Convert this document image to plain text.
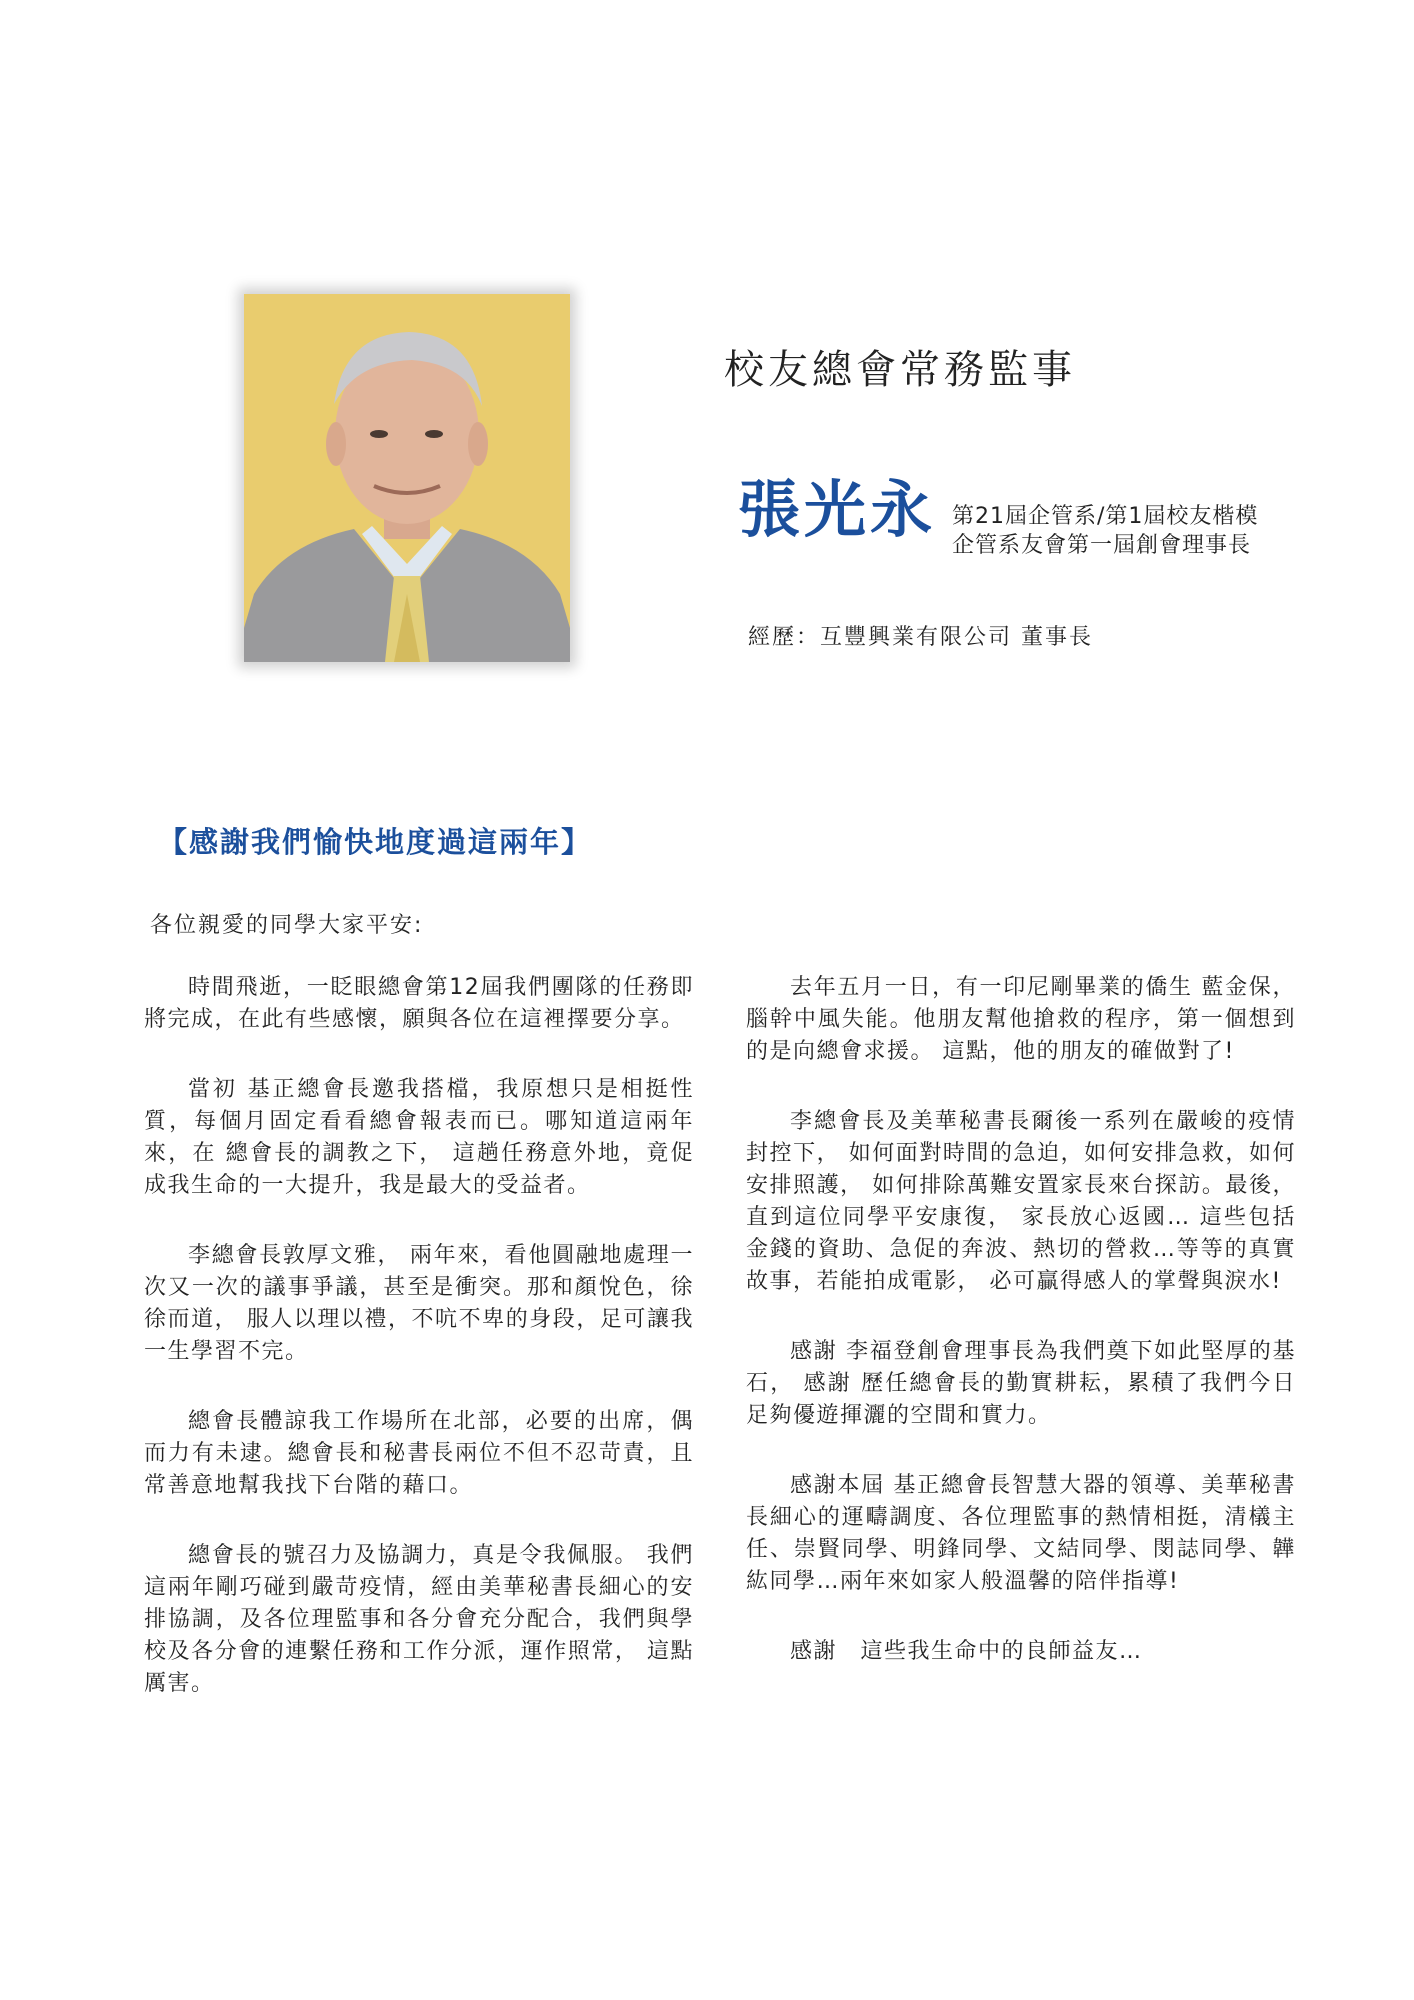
校友總會常務監事
張光永 第21屆企管系/第1屆校友楷模
企管系友會第一屆創會理事長
經歷：互豐興業有限公司 董事長
【感謝我們愉快地度過這兩年】
各位親愛的同學大家平安:

時間飛逝，一眨眼總會第12屆我們團隊的任務即將完成，在此有些感懷，願與各位在這裡擇要分享。

當初 基正總會長邀我搭檔，我原想只是相挺性質，每個月固定看看總會報表而已。哪知道這兩年來，在 總會長的調教之下， 這趟任務意外地，竟促成我生命的一大提升，我是最大的受益者。

李總會長敦厚文雅， 兩年來，看他圓融地處理一次又一次的議事爭議，甚至是衝突。那和顏悅色，徐徐而道， 服人以理以禮，不吭不卑的身段，足可讓我一生學習不完。

總會長體諒我工作場所在北部，必要的出席，偶而力有未逮。總會長和秘書長兩位不但不忍苛責，且常善意地幫我找下台階的藉口。

總會長的號召力及協調力，真是令我佩服。 我們這兩年剛巧碰到嚴苛疫情，經由美華秘書長細心的安排協調，及各位理監事和各分會充分配合，我們與學校及各分會的連繫任務和工作分派，運作照常， 這點厲害。

去年五月一日，有一印尼剛畢業的僑生 藍金保，腦幹中風失能。他朋友幫他搶救的程序，第一個想到的是向總會求援。 這點，他的朋友的確做對了!

李總會長及美華秘書長爾後一系列在嚴峻的疫情封控下， 如何面對時間的急迫，如何安排急救，如何安排照護， 如何排除萬難安置家長來台探訪。最後， 直到這位同學平安康復， 家長放心返國… 這些包括金錢的資助、急促的奔波、熱切的營救…等等的真實故事，若能拍成電影， 必可贏得感人的掌聲與淚水!

感謝 李福登創會理事長為我們奠下如此堅厚的基石， 感謝 歷任總會長的勤實耕耘，累積了我們今日足夠優遊揮灑的空間和實力。

感謝本屆 基正總會長智慧大器的領導、美華秘書長細心的運疇調度、各位理監事的熱情相挺，清檥主任、崇賢同學、明鋒同學、文結同學、閔誌同學、韡紘同學…兩年來如家人般溫馨的陪伴指導!

感謝　這些我生命中的良師益友…
